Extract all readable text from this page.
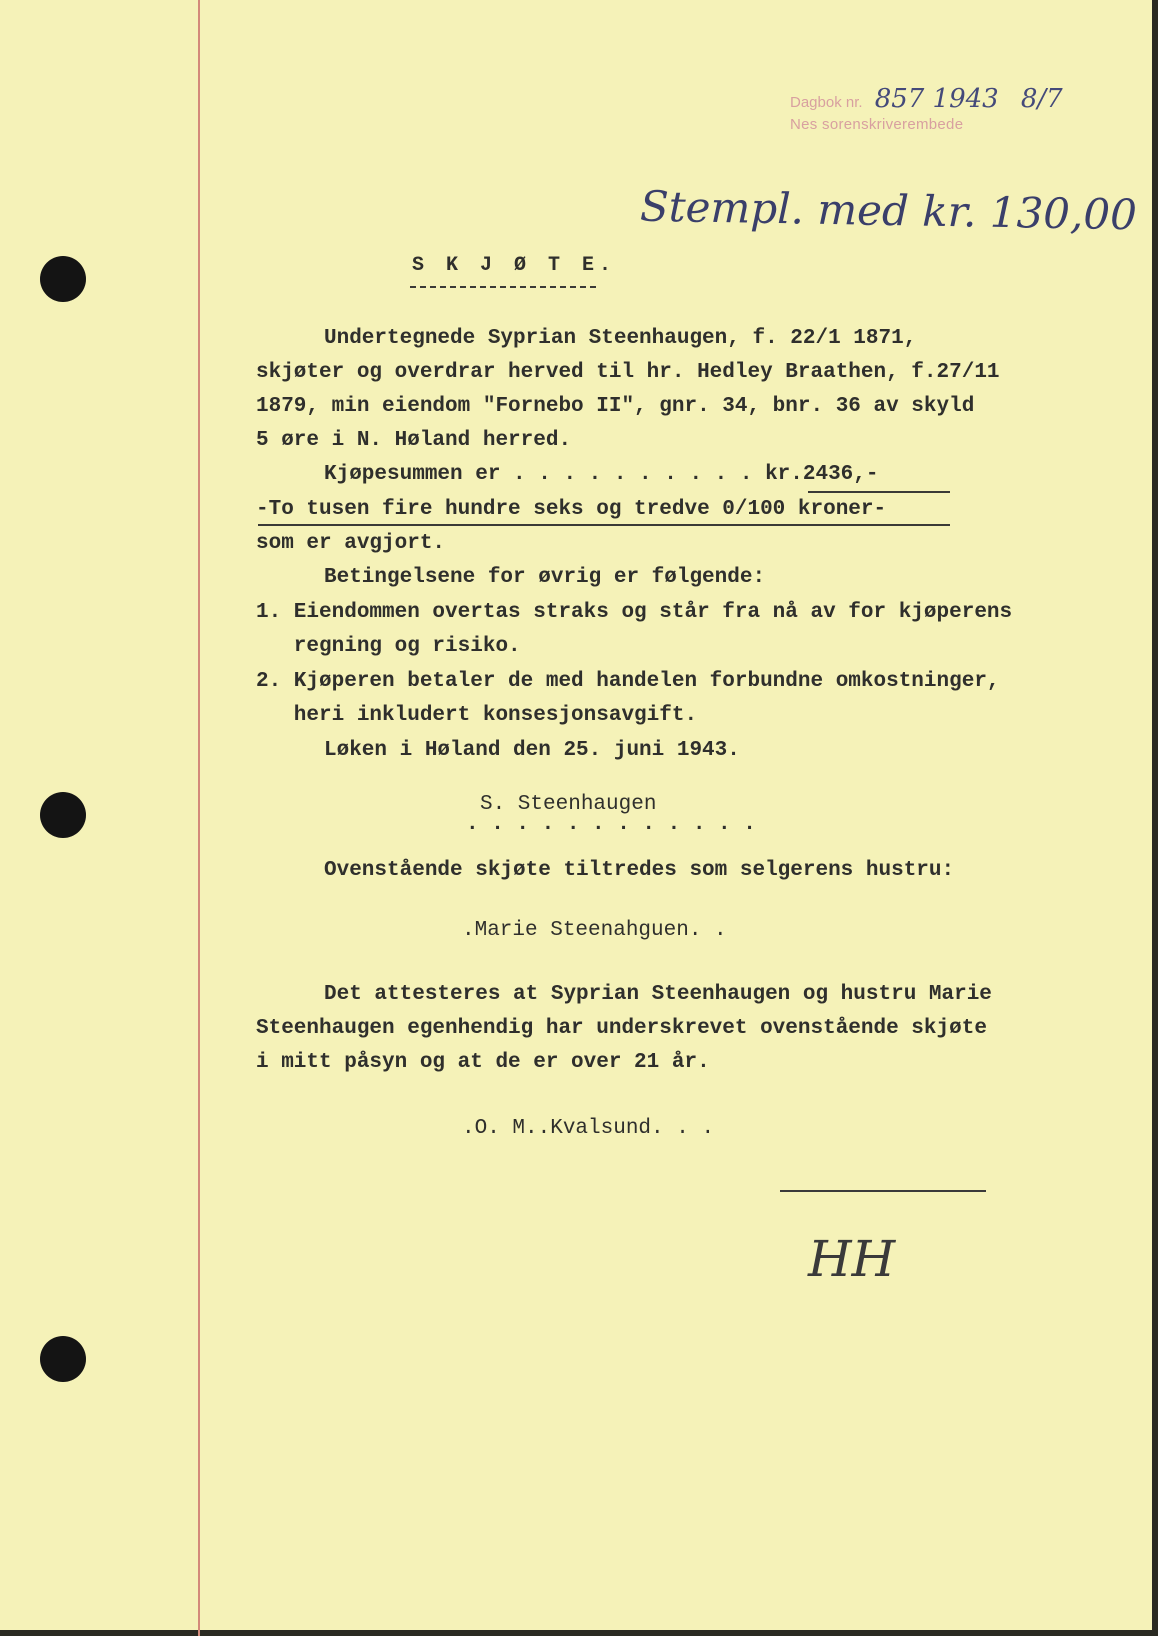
Dagbok nr. 857 1943 8/7
Nes sorenskriverembede
Stempl. med kr. 130,00
S K J Ø T E.
Undertegnede Syprian Steenhaugen, f. 22/1 1871,
skjøter og overdrar herved til hr. Hedley Braathen, f.27/11
1879, min eiendom "Fornebo II", gnr. 34, bnr. 36 av skyld
5 øre i N. Høland herred.
Kjøpesummen er . . . . . . . . . . kr.2436,-
-To tusen fire hundre seks og tredve 0/100 kroner-
som er avgjort.
Betingelsene for øvrig er følgende:
1. Eiendommen overtas straks og står fra nå av for kjøperens
regning og risiko.
2. Kjøperen betaler de med handelen forbundne omkostninger,
heri inkludert konsesjonsavgift.
Løken i Høland den 25. juni 1943.
S. Steenhaugen
. . . . . . . . . . . .
Ovenstående skjøte tiltredes som selgerens hustru:
.Marie Steenahguen. .
Det attesteres at Syprian Steenhaugen og hustru Marie
Steenhaugen egenhendig har underskrevet ovenstående skjøte
i mitt påsyn og at de er over 21 år.
.O. M..Kvalsund. . .
HH
